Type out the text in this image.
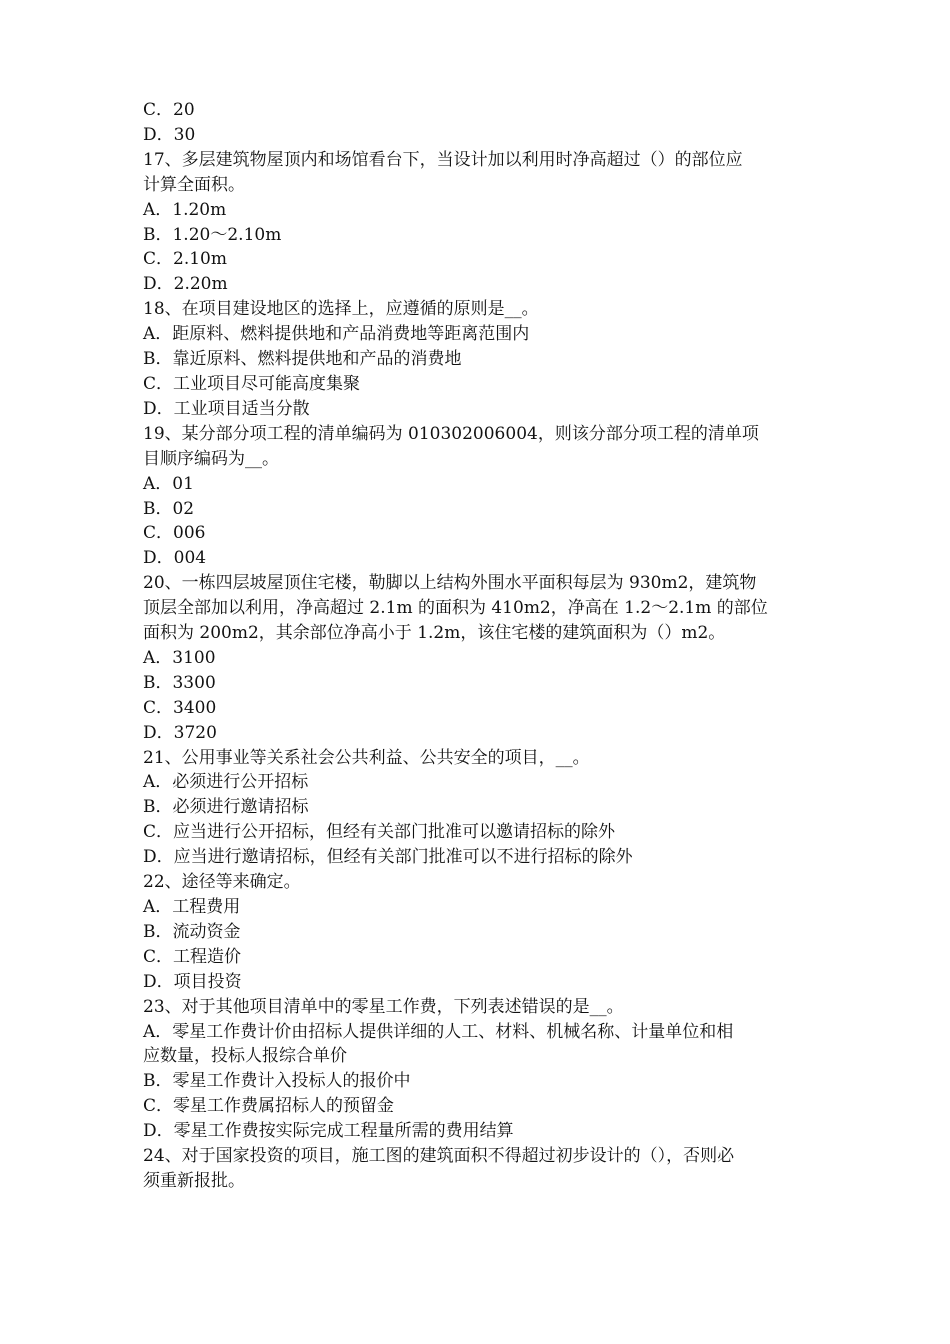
C．20
D．30
17、多层建筑物屋顶内和场馆看台下，当设计加以利用时净高超过（）的部位应
计算全面积。
A．1.20m
B．1.20～2.10m
C．2.10m
D．2.20m
18、在项目建设地区的选择上，应遵循的原则是__。
A．距原料、燃料提供地和产品消费地等距离范围内
B．靠近原料、燃料提供地和产品的消费地
C．工业项目尽可能高度集聚
D．工业项目适当分散
19、某分部分项工程的清单编码为 010302006004，则该分部分项工程的清单项
目顺序编码为__。
A．01
B．02
C．006
D．004
20、一栋四层坡屋顶住宅楼，勒脚以上结构外围水平面积每层为 930m2，建筑物
顶层全部加以利用，净高超过 2.1m 的面积为 410m2，净高在 1.2～2.1m 的部位
面积为 200m2，其余部位净高小于 1.2m，该住宅楼的建筑面积为（）m2。
A．3100
B．3300
C．3400
D．3720
21、公用事业等关系社会公共利益、公共安全的项目，__。
A．必须进行公开招标
B．必须进行邀请招标
C．应当进行公开招标，但经有关部门批准可以邀请招标的除外
D．应当进行邀请招标，但经有关部门批准可以不进行招标的除外
22、途径等来确定。
A．工程费用
B．流动资金
C．工程造价
D．项目投资
23、对于其他项目清单中的零星工作费，下列表述错误的是__。
A．零星工作费计价由招标人提供详细的人工、材料、机械名称、计量单位和相
应数量，投标人报综合单价
B．零星工作费计入投标人的报价中
C．零星工作费属招标人的预留金
D．零星工作费按实际完成工程量所需的费用结算
24、对于国家投资的项目，施工图的建筑面积不得超过初步设计的（），否则必
须重新报批。
